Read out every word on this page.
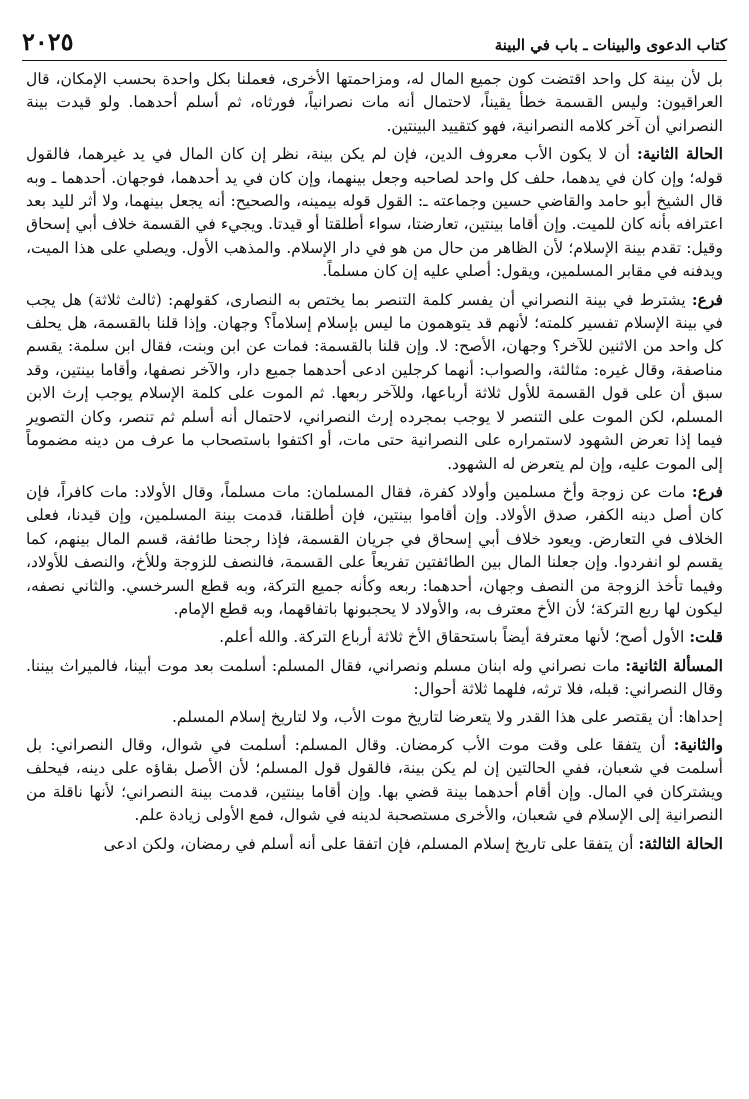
٢٠٢٥	كتاب الدعوى والبينات ـ باب في البينة

بل لأن بينة كل واحد اقتضت كون جميع المال له، ومزاحمتها الأخرى، فعملنا بكل واحدة بحسب الإمكان، قال العراقيون: وليس القسمة خطأ يقيناً، لاحتمال أنه مات نصرانياً، فورثاه، ثم أسلم أحدهما. ولو قيدت بينة النصراني أن آخر كلامه النصرانية، فهو كتقييد البينتين.

الحالة الثانية: أن لا يكون الأب معروف الدين، فإن لم يكن بينة، نظر إن كان المال في يد غيرهما، فالقول قوله؛ وإن كان في يدهما، حلف كل واحد لصاحبه وجعل بينهما، وإن كان في يد أحدهما، فوجهان. أحدهما ـ وبه قال الشيخ أبو حامد والقاضي حسين وجماعته ـ: القول قوله بيمينه، والصحيح: أنه يجعل بينهما، ولا أثر لليد بعد اعترافه بأنه كان للميت. وإن أقاما بينتين، تعارضتا، سواء أطلقتا أو قيدتا. ويجيء في القسمة خلاف أبي إسحاق وقيل: تقدم بينة الإسلام؛ لأن الظاهر من حال من هو في دار الإسلام. والمذهب الأول. ويصلي على هذا الميت، ويدفنه في مقابر المسلمين، ويقول: أصلي عليه إن كان مسلماً.

فرع: يشترط في بينة النصراني أن يفسر كلمة التنصر بما يختص به النصارى، كقولهم: (ثالث ثلاثة) هل يجب في بينة الإسلام تفسير كلمته؛ لأنهم قد يتوهمون ما ليس بإسلام إسلاماً؟ وجهان. وإذا قلنا بالقسمة، هل يحلف كل واحد من الاثنين للآخر؟ وجهان، الأصح: لا. وإن قلنا بالقسمة: فمات عن ابن وبنت، فقال ابن سلمة: يقسم مناصفة، وقال غيره: مثالثة، والصواب: أنهما كرجلين ادعى أحدهما جميع دار، والآخر نصفها، وأقاما بينتين، وقد سبق أن على قول القسمة للأول ثلاثة أرباعها، وللآخر ربعها. ثم الموت على كلمة الإسلام يوجب إرث الابن المسلم، لكن الموت على التنصر لا يوجب بمجرده إرث النصراني، لاحتمال أنه أسلم ثم تنصر، وكان التصوير فيما إذا تعرض الشهود لاستمراره على النصرانية حتى مات، أو اكتفوا باستصحاب ما عرف من دينه مضموماً إلى الموت عليه، وإن لم يتعرض له الشهود.

فرع: مات عن زوجة وأخ مسلمين وأولاد كفرة، فقال المسلمان: مات مسلماً، وقال الأولاد: مات كافراً، فإن كان أصل دينه الكفر، صدق الأولاد. وإن أقاموا بينتين، فإن أطلقنا، قدمت بينة المسلمين، وإن قيدنا، فعلى الخلاف في التعارض. ويعود خلاف أبي إسحاق في جريان القسمة، فإذا رجحنا طائفة، قسم المال بينهم، كما يقسم لو انفردوا. وإن جعلنا المال بين الطائفتين تفريعاً على القسمة، فالنصف للزوجة وللأخ، والنصف للأولاد، وفيما تأخذ الزوجة من النصف وجهان، أحدهما: ربعه وكأنه جميع التركة، وبه قطع السرخسي. والثاني نصفه، ليكون لها ربع التركة؛ لأن الأخ معترف به، والأولاد لا يحجبونها باتفاقهما، وبه قطع الإمام.

قلت: الأول أصح؛ لأنها معترفة أيضاً باستحقاق الأخ ثلاثة أرباع التركة. والله أعلم.

المسألة الثانية: مات نصراني وله ابنان مسلم ونصراني، فقال المسلم: أسلمت بعد موت أبينا، فالميراث بيننا. وقال النصراني: قبله، فلا ترثه، فلهما ثلاثة أحوال:

إحداها: أن يقتصر على هذا القدر ولا يتعرضا لتاريخ موت الأب، ولا لتاريخ إسلام المسلم.

والثانية: أن يتفقا على وقت موت الأب كرمضان. وقال المسلم: أسلمت في شوال، وقال النصراني: بل أسلمت في شعبان، ففي الحالتين إن لم يكن بينة، فالقول قول المسلم؛ لأن الأصل بقاؤه على دينه، فيحلف ويشتركان في المال. وإن أقام أحدهما بينة قضي بها. وإن أقاما بينتين، قدمت بينة النصراني؛ لأنها ناقلة من النصرانية إلى الإسلام في شعبان، والأخرى مستصحبة لدينه في شوال، فمع الأولى زيادة علم.

الحالة الثالثة: أن يتفقا على تاريخ إسلام المسلم، فإن اتفقا على أنه أسلم في رمضان، ولكن ادعى
